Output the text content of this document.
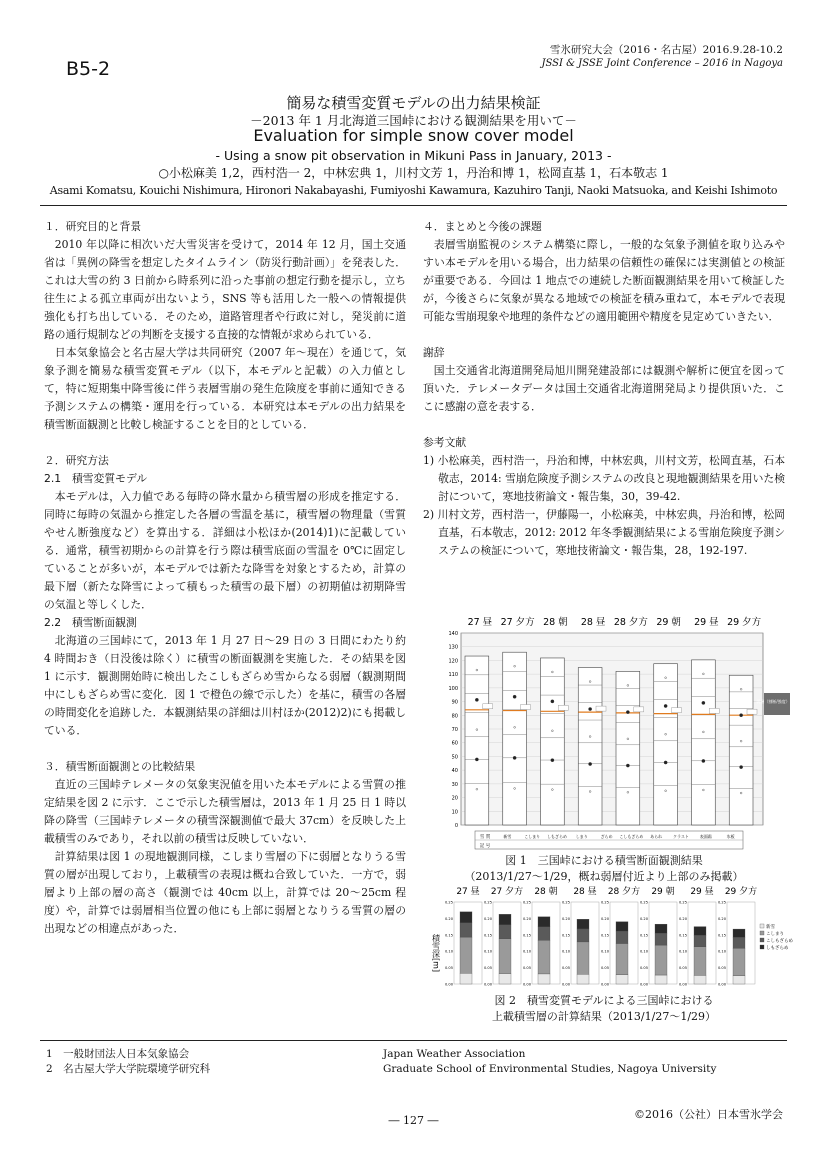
B5-2
雪氷研究大会（2016・名古屋）2016.9.28-10.2
JSSI & JSSE Joint Conference – 2016 in Nagoya
簡易な積雪変質モデルの出力結果検証
－2013 年 1 月北海道三国峠における観測結果を用いて－
Evaluation for simple snow cover model
- Using a snow pit observation in Mikuni Pass in January, 2013 -
○小松麻美 1,2，西村浩一 2，中林宏典 1，川村文芳 1，丹治和博 1，松岡直基 1，石本敬志 1
Asami Komatsu, Kouichi Nishimura, Hironori Nakabayashi, Fumiyoshi Kawamura, Kazuhiro Tanji, Naoki Matsuoka, and Keishi Ishimoto

１．研究目的と背景

2010 年以降に相次いだ大雪災害を受けて，2014 年 12 月，国土交通省は「異例の降雪を想定したタイムライン（防災行動計画）」を発表した．これは大雪の約 3 日前から時系列に沿った事前の想定行動を提示し，立ち往生による孤立車両が出ないよう，SNS 等も活用した一般への情報提供強化も打ち出している．そのため，道路管理者や行政に対し，発災前に道路の通行規制などの判断を支援する直接的な情報が求められている．

日本気象協会と名古屋大学は共同研究（2007 年～現在）を通じて，気象予測を簡易な積雪変質モデル（以下，本モデルと記載）の入力値として，特に短期集中降雪後に伴う表層雪崩の発生危険度を事前に通知できる予測システムの構築・運用を行っている．本研究は本モデルの出力結果を積雪断面観測と比較し検証することを目的としている．

２．研究方法

2.1　積雪変質モデル

本モデルは，入力値である毎時の降水量から積雪層の形成を推定する．同時に毎時の気温から推定した各層の雪温を基に，積雪層の物理量（雪質やせん断強度など）を算出する．詳細は小松ほか(2014)1)に記載している．通常，積雪初期からの計算を行う際は積雪底面の雪温を 0℃に固定していることが多いが，本モデルでは新たな降雪を対象とするため，計算の最下層（新たな降雪によって積もった積雪の最下層）の初期値は初期降雪の気温と等しくした．

2.2　積雪断面観測

北海道の三国峠にて，2013 年 1 月 27 日～29 日の 3 日間にわたり約 4 時間おき（日没後は除く）に積雪の断面観測を実施した．その結果を図 1 に示す．観測開始時に検出したこしもざらめ雪からなる弱層（観測期間中にしもざらめ雪に変化．図 1 で橙色の線で示した）を基に，積雪の各層の時間変化を追跡した．本観測結果の詳細は川村ほか(2012)2)にも掲載している．

３．積雪断面観測との比較結果

直近の三国峠テレメータの気象実況値を用いた本モデルによる雪質の推定結果を図 2 に示す．ここで示した積雪層は，2013 年 1 月 25 日 1 時以降の降雪（三国峠テレメータの積雪深観測値で最大 37cm）を反映した上載積雪のみであり，それ以前の積雪は反映していない．

計算結果は図 1 の現地観測同様，こしまり雪層の下に弱層となりうる雪質の層が出現しており，上載積雪の表現は概ね合致していた．一方で，弱層より上部の層の高さ（観測では 40cm 以上，計算では 20～25cm 程度）や，計算では弱層相当位置の他にも上部に弱層となりうる雪質の層の出現などの相違点があった．

４．まとめと今後の課題

表層雪崩監視のシステム構築に際し，一般的な気象予測値を取り込みやすい本モデルを用いる場合，出力結果の信頼性の確保には実測値との検証が重要である．今回は 1 地点での連続した断面観測結果を用いて検証したが，今後さらに気象が異なる地域での検証を積み重ねて，本モデルで表現可能な雪崩現象や地理的条件などの適用範囲や精度を見定めていきたい．

謝辞

国土交通省北海道開発局旭川開発建設部には観測や解析に便宜を図って頂いた．テレメータデータは国土交通省北海道開発局より提供頂いた．ここに感謝の意を表する．

参考文献

1) 小松麻美，西村浩一，丹治和博，中林宏典，川村文芳，松岡直基，石本敬志，2014: 雪崩危険度予測システムの改良と現地観測結果を用いた検討について，寒地技術論文・報告集，30，39-42.

2) 川村文芳，西村浩一，伊藤陽一，小松麻美，中林宏典，丹治和博，松岡直基，石本敬志，2012: 2012 年冬季観測結果による雪崩危険度予測システムの検証について，寒地技術論文・報告集，28，192-197.

27 昼 27 夕方 28 朝 28 昼 28 夕方 29 朝 29 昼 29 夕方
0
10
20
30
40
50
60
70
80
90
100
110
120
130
140
弱層（割断/強度）[Pa]
雪 質
記 号
新雪	こしまり しもざらめ しまり	ざらめ こしもざらめ あられ	クラスト	表面霜	氷板
図 1　三国峠における積雪断面観測結果
（2013/1/27～1/29，概ね弱層付近より上部のみ掲載）
積雪深[m]
27 昼
0.00
0.05
0.10
0.15
0.20
0.25
27 夕方
0.00
0.05
0.10
0.15
0.20
0.25
28 朝
0.00
0.05
0.10
0.15
0.20
0.25
28 昼
0.00
0.05
0.10
0.15
0.20
0.25
28 夕方
0.00
0.05
0.10
0.15
0.20
0.25
29 朝
0.00
0.05
0.10
0.15
0.20
0.25
29 昼
0.00
0.05
0.10
0.15
0.20
0.25
29 夕方
0.00
0.05
0.10
0.15
0.20
0.25
新雪
こしまり
こしもざらめ
しもざらめ
図 2　積雪変質モデルによる三国峠における
上載積雪層の計算結果（2013/1/27～1/29）
1　一般財団法人日本気象協会
2　名古屋大学大学院環境学研究科
Japan Weather Association
Graduate School of Environmental Studies, Nagoya University
©2016（公社）日本雪氷学会
― 127 ―
